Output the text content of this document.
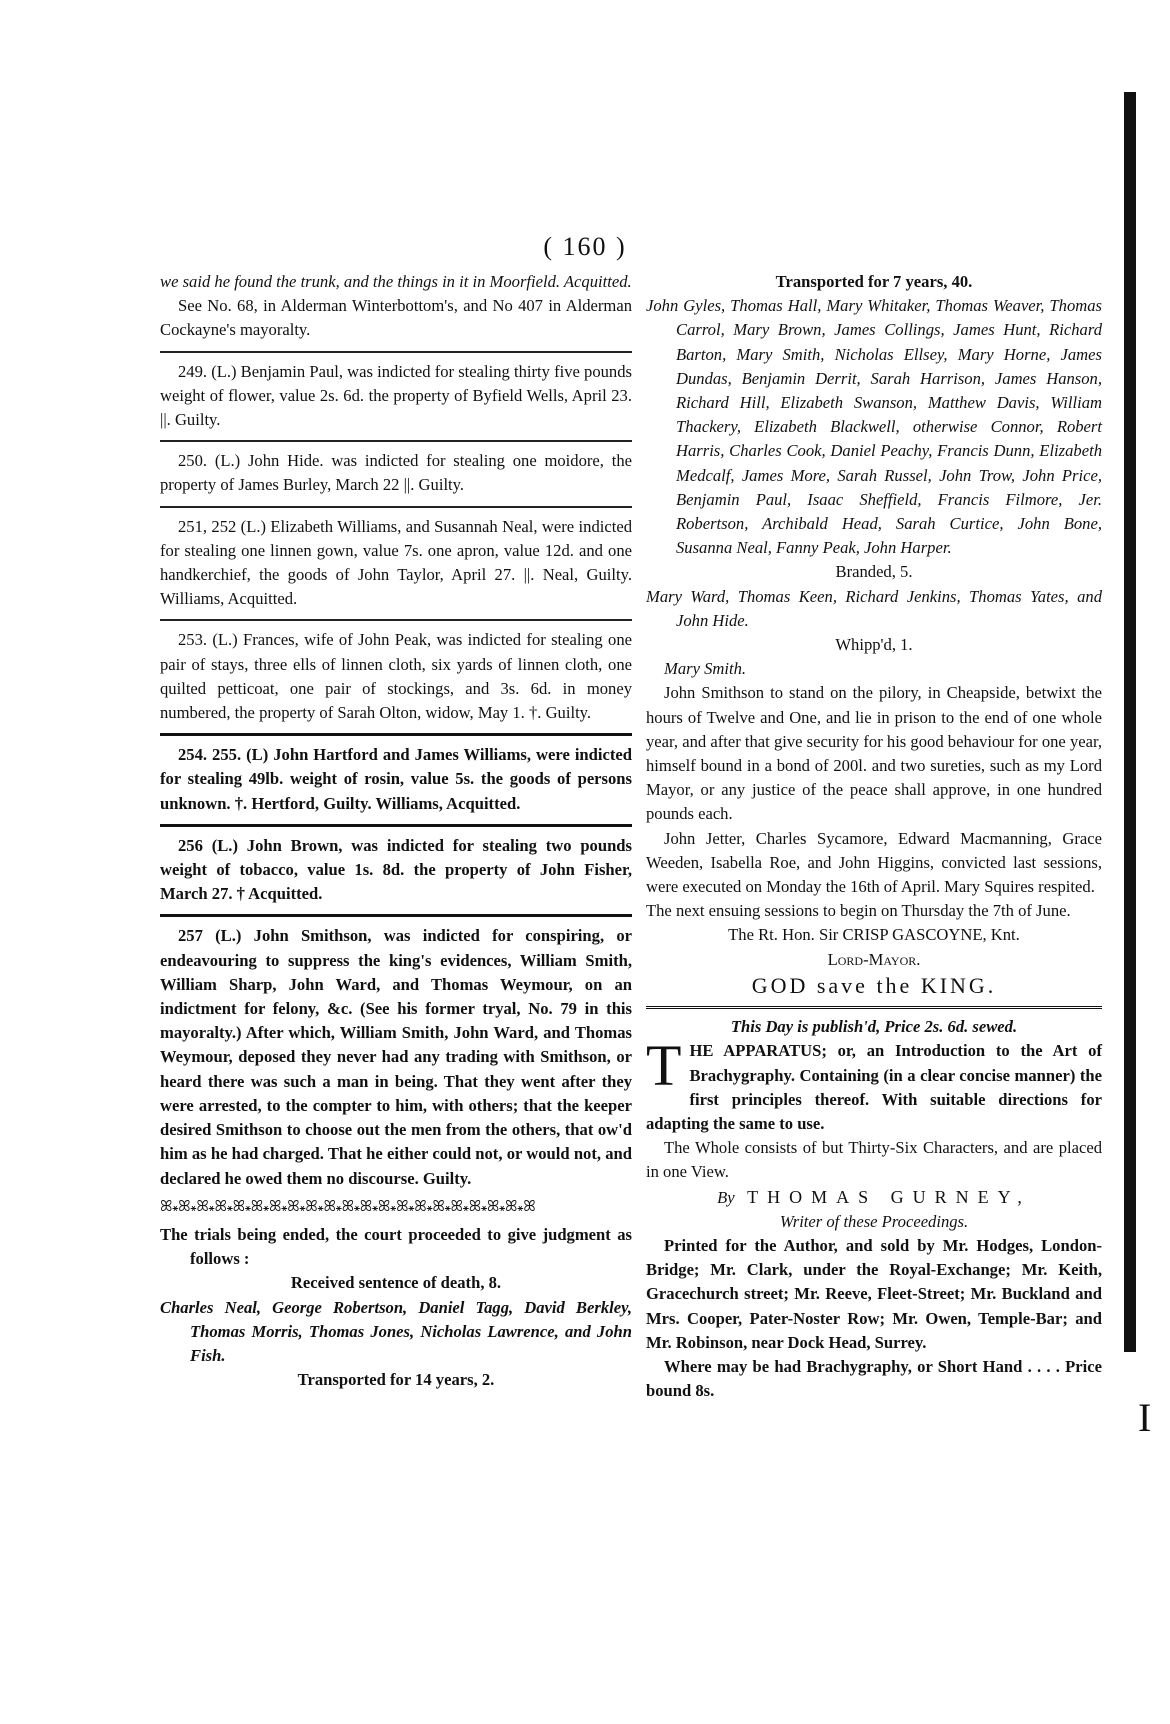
( 160 )

we said he found the trunk, and the things in it in Moorfield. Acquitted.

See No. 68, in Alderman Winterbottom's, and No 407 in Alderman Cockayne's mayoralty.

249. (L.) Benjamin Paul, was indicted for stealing thirty five pounds weight of flower, value 2s. 6d. the property of Byfield Wells, April 23. ||. Guilty.

250. (L.) John Hide. was indicted for stealing one moidore, the property of James Burley, March 22 ||. Guilty.

251, 252 (L.) Elizabeth Williams, and Susannah Neal, were indicted for stealing one linnen gown, value 7s. one apron, value 12d. and one handkerchief, the goods of John Taylor, April 27. ||. Neal, Guilty. Williams, Acquitted.

253. (L.) Frances, wife of John Peak, was indicted for stealing one pair of stays, three ells of linnen cloth, six yards of linnen cloth, one quilted petticoat, one pair of stockings, and 3s. 6d. in money numbered, the property of Sarah Olton, widow, May 1. †. Guilty.

254. 255. (L) John Hartford and James Williams, were indicted for stealing 49lb. weight of rosin, value 5s. the goods of persons unknown. †. Hertford, Guilty. Williams, Acquitted.

256 (L.) John Brown, was indicted for stealing two pounds weight of tobacco, value 1s. 8d. the property of John Fisher, March 27. † Acquitted.

257 (L.) John Smithson, was indicted for conspiring, or endeavouring to suppress the king's evidences, William Smith, William Sharp, John Ward, and Thomas Weymour, on an indictment for felony, &c. (See his former tryal, No. 79 in this mayoralty.) After which, William Smith, John Ward, and Thomas Weymour, deposed they never had any trading with Smithson, or heard there was such a man in being. That they went after they were arrested, to the compter to him, with others; that the keeper desired Smithson to choose out the men from the others, that ow'd him as he had charged. That he either could not, or would not, and declared he owed them no discourse. Guilty.

ꕤ꘎ꕤ꘎ꕤ꘎ꕤ꘎ꕤ꘎ꕤ꘎ꕤ꘎ꕤ꘎ꕤ꘎ꕤ꘎ꕤ꘎ꕤ꘎ꕤ꘎ꕤ꘎ꕤ꘎ꕤ꘎ꕤ꘎ꕤ꘎ꕤ꘎ꕤ꘎ꕤ

The trials being ended, the court proceeded to give judgment as follows :

Received sentence of death, 8.

Charles Neal, George Robertson, Daniel Tagg, David Berkley, Thomas Morris, Thomas Jones, Nicholas Lawrence, and John Fish.

Transported for 14 years, 2.

Transported for 7 years, 40.

John Gyles, Thomas Hall, Mary Whitaker, Thomas Weaver, Thomas Carrol, Mary Brown, James Collings, James Hunt, Richard Barton, Mary Smith, Nicholas Ellsey, Mary Horne, James Dundas, Benjamin Derrit, Sarah Harrison, James Hanson, Richard Hill, Elizabeth Swanson, Matthew Davis, William Thackery, Elizabeth Blackwell, otherwise Connor, Robert Harris, Charles Cook, Daniel Peachy, Francis Dunn, Elizabeth Medcalf, James More, Sarah Russel, John Trow, John Price, Benjamin Paul, Isaac Sheffield, Francis Filmore, Jer. Robertson, Archibald Head, Sarah Curtice, John Bone, Susanna Neal, Fanny Peak, John Harper.

Branded, 5.

Mary Ward, Thomas Keen, Richard Jenkins, Thomas Yates, and John Hide.

Whipp'd, 1.

Mary Smith.

John Smithson to stand on the pilory, in Cheapside, betwixt the hours of Twelve and One, and lie in prison to the end of one whole year, and after that give security for his good behaviour for one year, himself bound in a bond of 200l. and two sureties, such as my Lord Mayor, or any justice of the peace shall approve, in one hundred pounds each.

John Jetter, Charles Sycamore, Edward Macmanning, Grace Weeden, Isabella Roe, and John Higgins, convicted last sessions, were executed on Monday the 16th of April. Mary Squires respited.

The next ensuing sessions to begin on Thursday the 7th of June.

The Rt. Hon. Sir CRISP GASCOYNE, Knt.

Lord-Mayor.

GOD save the KING.

This Day is publish'd, Price 2s. 6d. sewed.

THE APPARATUS; or, an Introduction to the Art of Brachygraphy. Containing (in a clear concise manner) the first principles thereof. With suitable directions for adapting the same to use.

The Whole consists of but Thirty-Six Characters, and are placed in one View.

By THOMAS GURNEY,

Writer of these Proceedings.

Printed for the Author, and sold by Mr. Hodges, London-Bridge; Mr. Clark, under the Royal-Exchange; Mr. Keith, Gracechurch street; Mr. Reeve, Fleet-Street; Mr. Buckland and Mrs. Cooper, Pater-Noster Row; Mr. Owen, Temple-Bar; and Mr. Robinson, near Dock Head, Surrey.

Where may be had Brachygraphy, or Short Hand . . . . Price bound 8s.

I
